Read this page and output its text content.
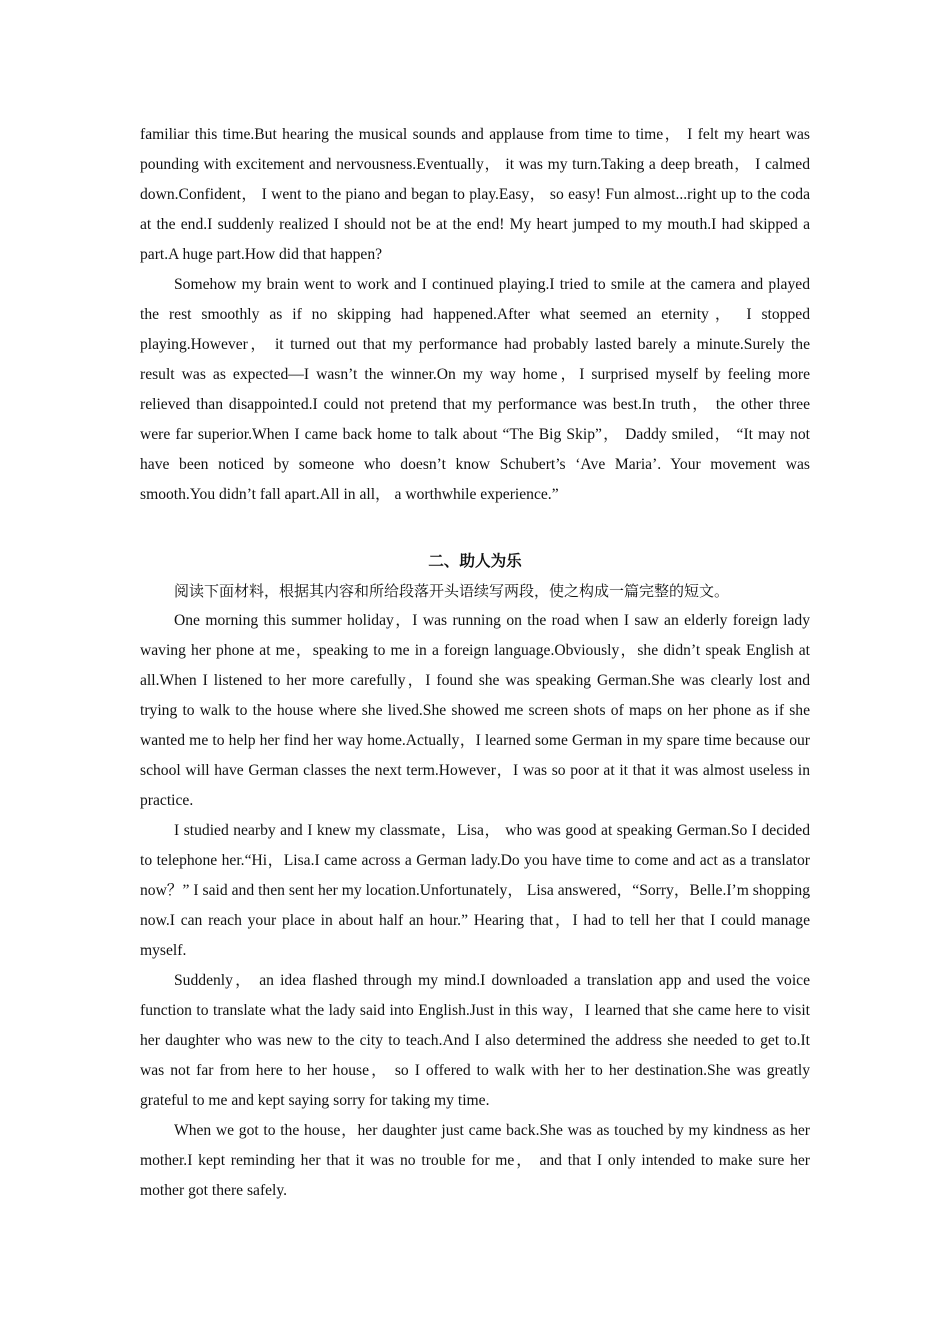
familiar this time.But hearing the musical sounds and applause from time to time， I felt my heart was pounding with excitement and nervousness.Eventually， it was my turn.Taking a deep breath， I calmed down.Confident， I went to the piano and began to play.Easy， so easy! Fun almost...right up to the coda at the end.I suddenly realized I should not be at the end! My heart jumped to my mouth.I had skipped a part.A huge part.How did that happen?

Somehow my brain went to work and I continued playing.I tried to smile at the camera and played the rest smoothly as if no skipping had happened.After what seemed an eternity， I stopped playing.However， it turned out that my performance had probably lasted barely a minute.Surely the result was as expected—I wasn’t the winner.On my way home，I surprised myself by feeling more relieved than disappointed.I could not pretend that my performance was best.In truth， the other three were far superior.When I came back home to talk about “The Big Skip”， Daddy smiled， “It may not have been noticed by someone who doesn’t know Schubert’s ‘Ave Maria’. Your movement was smooth.You didn’t fall apart.All in all， a worthwhile experience.”

二、助人为乐

阅读下面材料，根据其内容和所给段落开头语续写两段，使之构成一篇完整的短文。

One morning this summer holiday，I was running on the road when I saw an elderly foreign lady waving her phone at me，speaking to me in a foreign language.Obviously，she didn’t speak English at all.When I listened to her more carefully，I found she was speaking German.She was clearly lost and trying to walk to the house where she lived.She showed me screen shots of maps on her phone as if she wanted me to help her find her way home.Actually，I learned some German in my spare time because our school will have German classes the next term.However，I was so poor at it that it was almost useless in practice.

I studied nearby and I knew my classmate，Lisa， who was good at speaking German.So I decided to telephone her.“Hi，Lisa.I came across a German lady.Do you have time to come and act as a translator now？” I said and then sent her my location.Unfortunately， Lisa answered，“Sorry，Belle.I’m shopping now.I can reach your place in about half an hour.” Hearing that，I had to tell her that I could manage myself.

Suddenly， an idea flashed through my mind.I downloaded a translation app and used the voice function to translate what the lady said into English.Just in this way，I learned that she came here to visit her daughter who was new to the city to teach.And I also determined the address she needed to get to.It was not far from here to her house， so I offered to walk with her to her destination.She was greatly grateful to me and kept saying sorry for taking my time.

When we got to the house，her daughter just came back.She was as touched by my kindness as her mother.I kept reminding her that it was no trouble for me， and that I only intended to make sure her mother got there safely.
